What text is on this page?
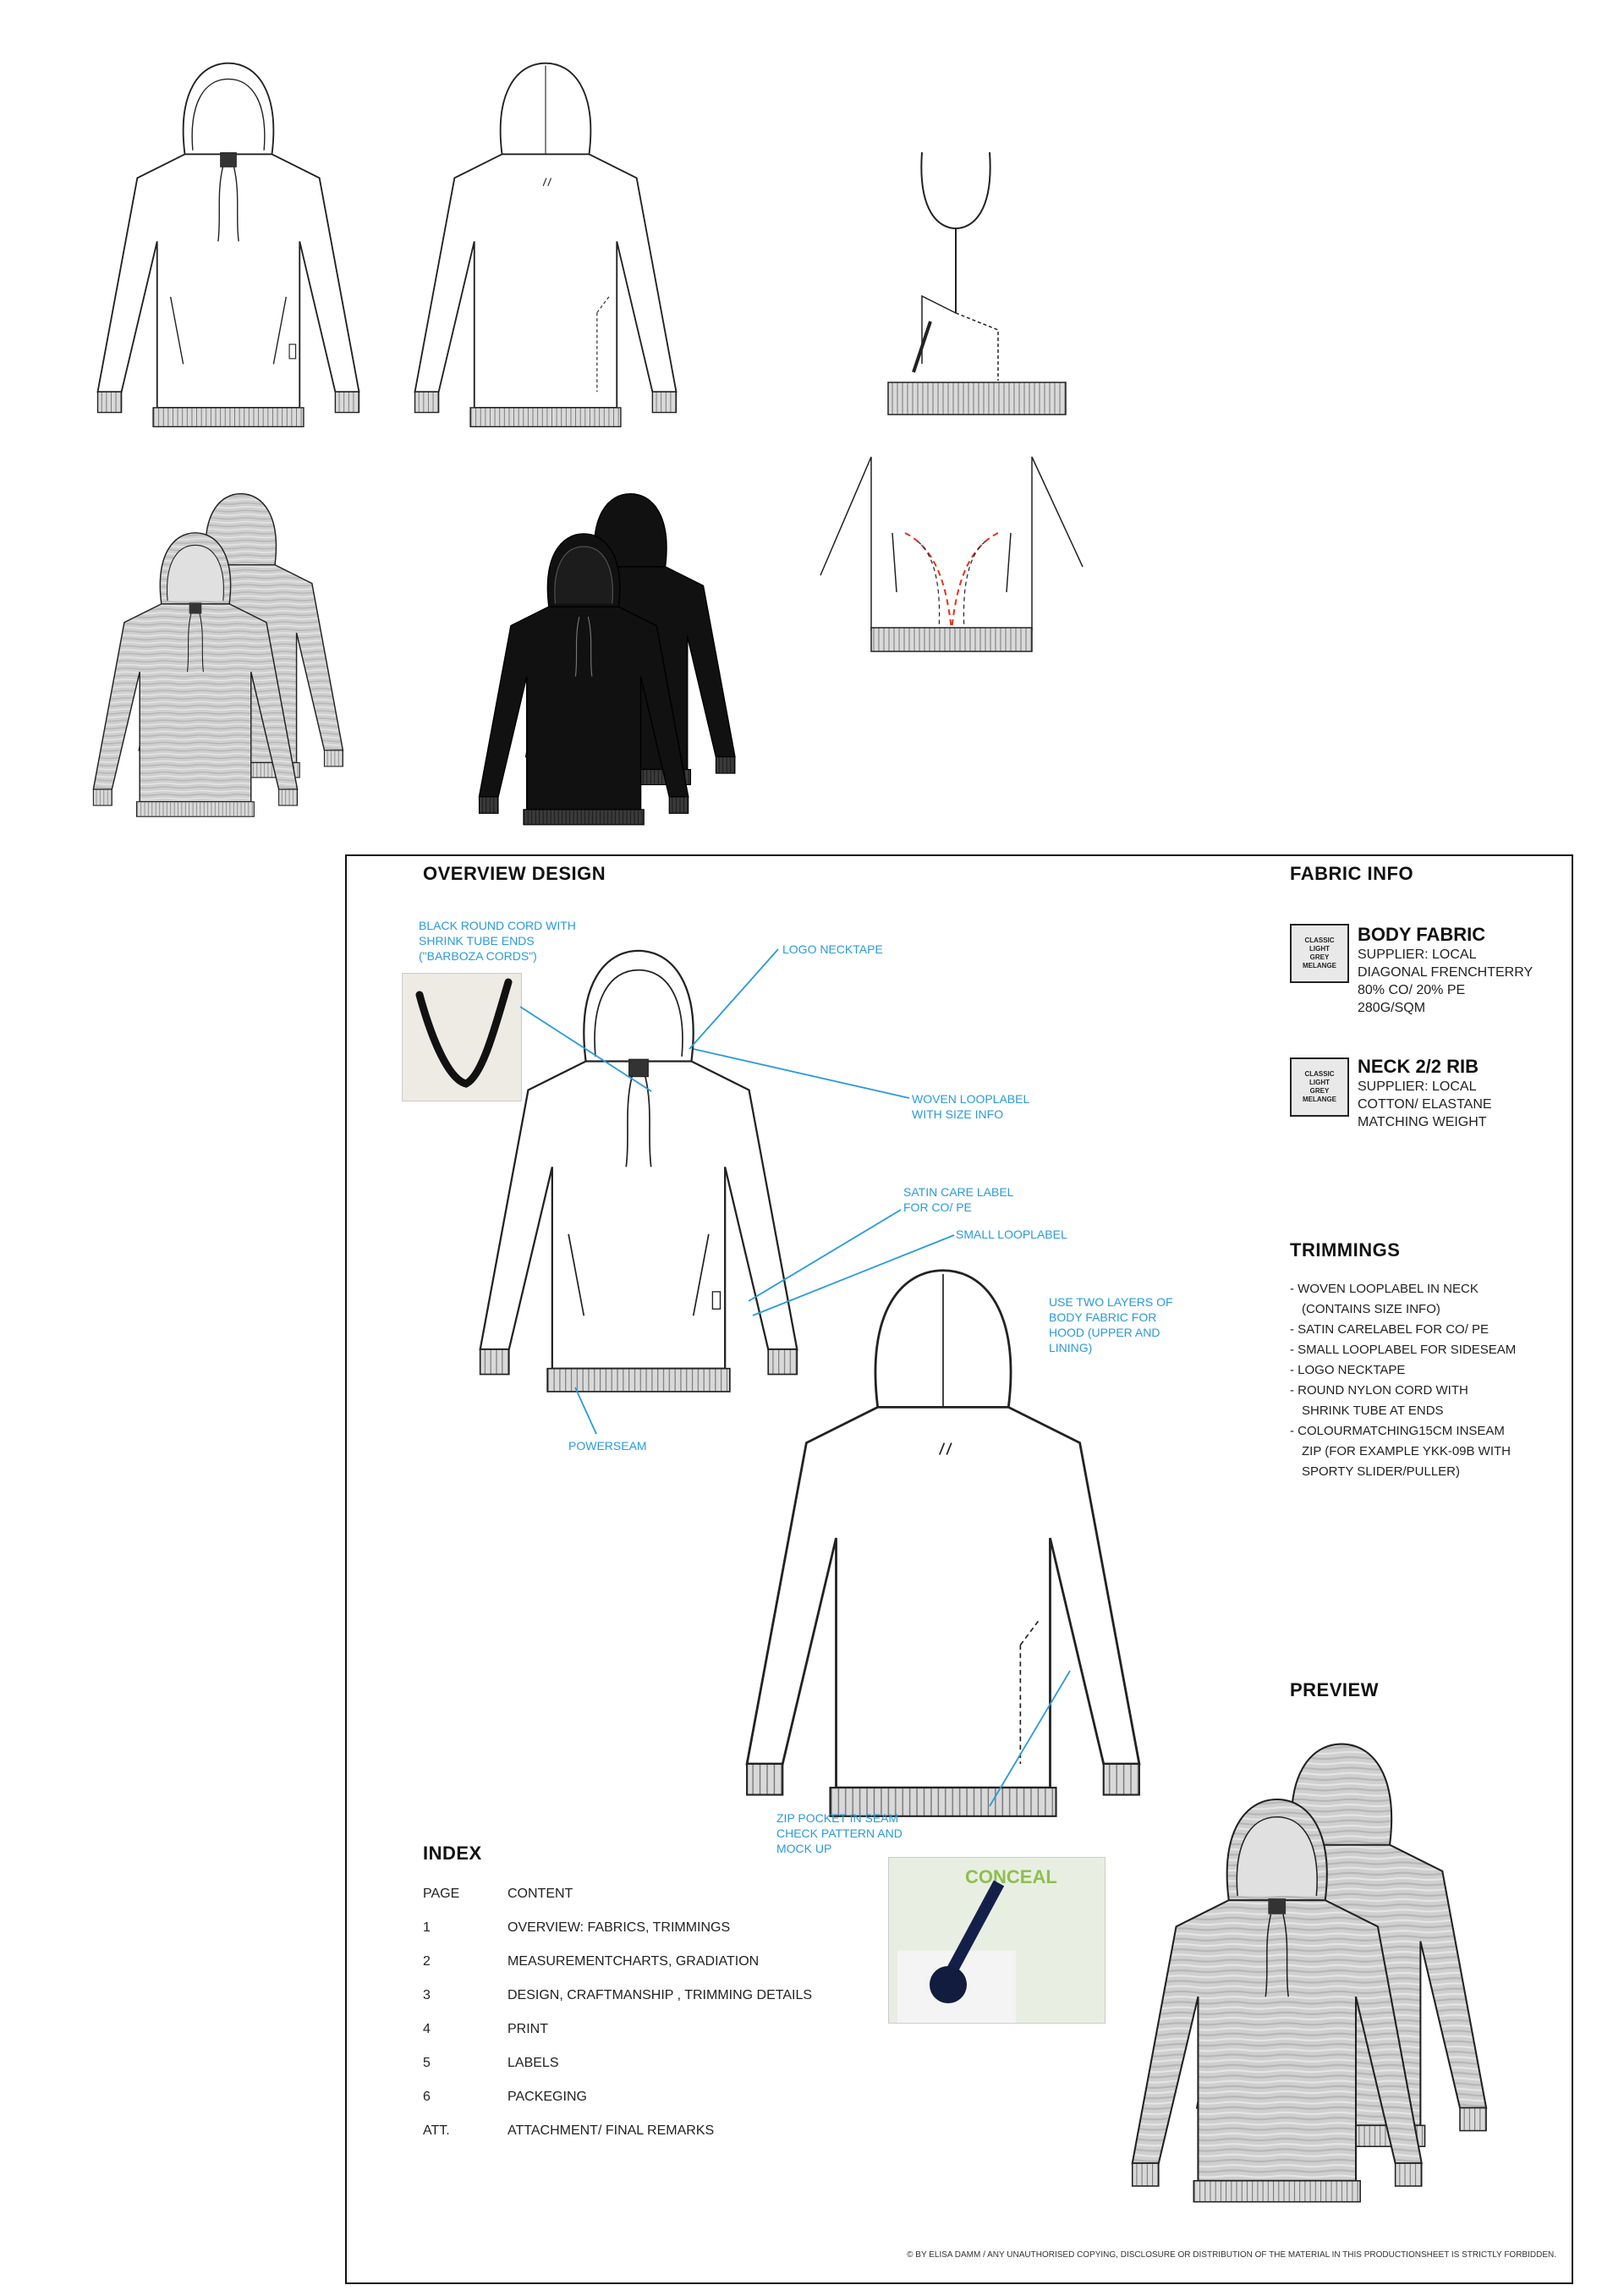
OVERVIEW DESIGN
BLACK ROUND CORD WITH SHRINK TUBE ENDS ("BARBOZA CORDS")	LOGO NECKTAPE
WOVEN LOOPLABEL WITH SIZE INFO
SATIN CARE LABEL FOR CO/ PE
SMALL LOOPLABEL
USE TWO LAYERS OF BODY FABRIC FOR HOOD (UPPER AND LINING)
POWERSEAM
ZIP POCKET IN SEAM CHECK PATTERN AND MOCK UP
CONCEAL
FABRIC INFO
CLASSIC
LIGHT
GREY
MELANGE
BODY FABRIC
SUPPLIER: LOCAL
DIAGONAL FRENCHTERRY
80% CO/ 20% PE
280G/SQM
CLASSIC
LIGHT
GREY
MELANGE
NECK 2/2 RIB
SUPPLIER: LOCAL
COTTON/ ELASTANE
MATCHING WEIGHT
TRIMMINGS
- WOVEN LOOPLABEL IN NECK
(CONTAINS SIZE INFO)
- SATIN CARELABEL FOR CO/ PE
- SMALL LOOPLABEL FOR SIDESEAM
- LOGO NECKTAPE
- ROUND NYLON CORD WITH
SHRINK TUBE AT ENDS
- COLOURMATCHING15CM INSEAM
ZIP (FOR EXAMPLE YKK-09B WITH
SPORTY SLIDER/PULLER)
PREVIEW
INDEX
PAGE	CONTENT
1	OVERVIEW: FABRICS, TRIMMINGS
2	MEASUREMENTCHARTS, GRADIATION
3	DESIGN, CRAFTMANSHIP , TRIMMING DETAILS
4	PRINT
5	LABELS
6	PACKEGING
ATT.	ATTACHMENT/ FINAL REMARKS
© BY ELISA DAMM / ANY UNAUTHORISED COPYING, DISCLOSURE OR DISTRIBUTION OF THE MATERIAL IN THIS PRODUCTIONSHEET IS STRICTLY FORBIDDEN.
